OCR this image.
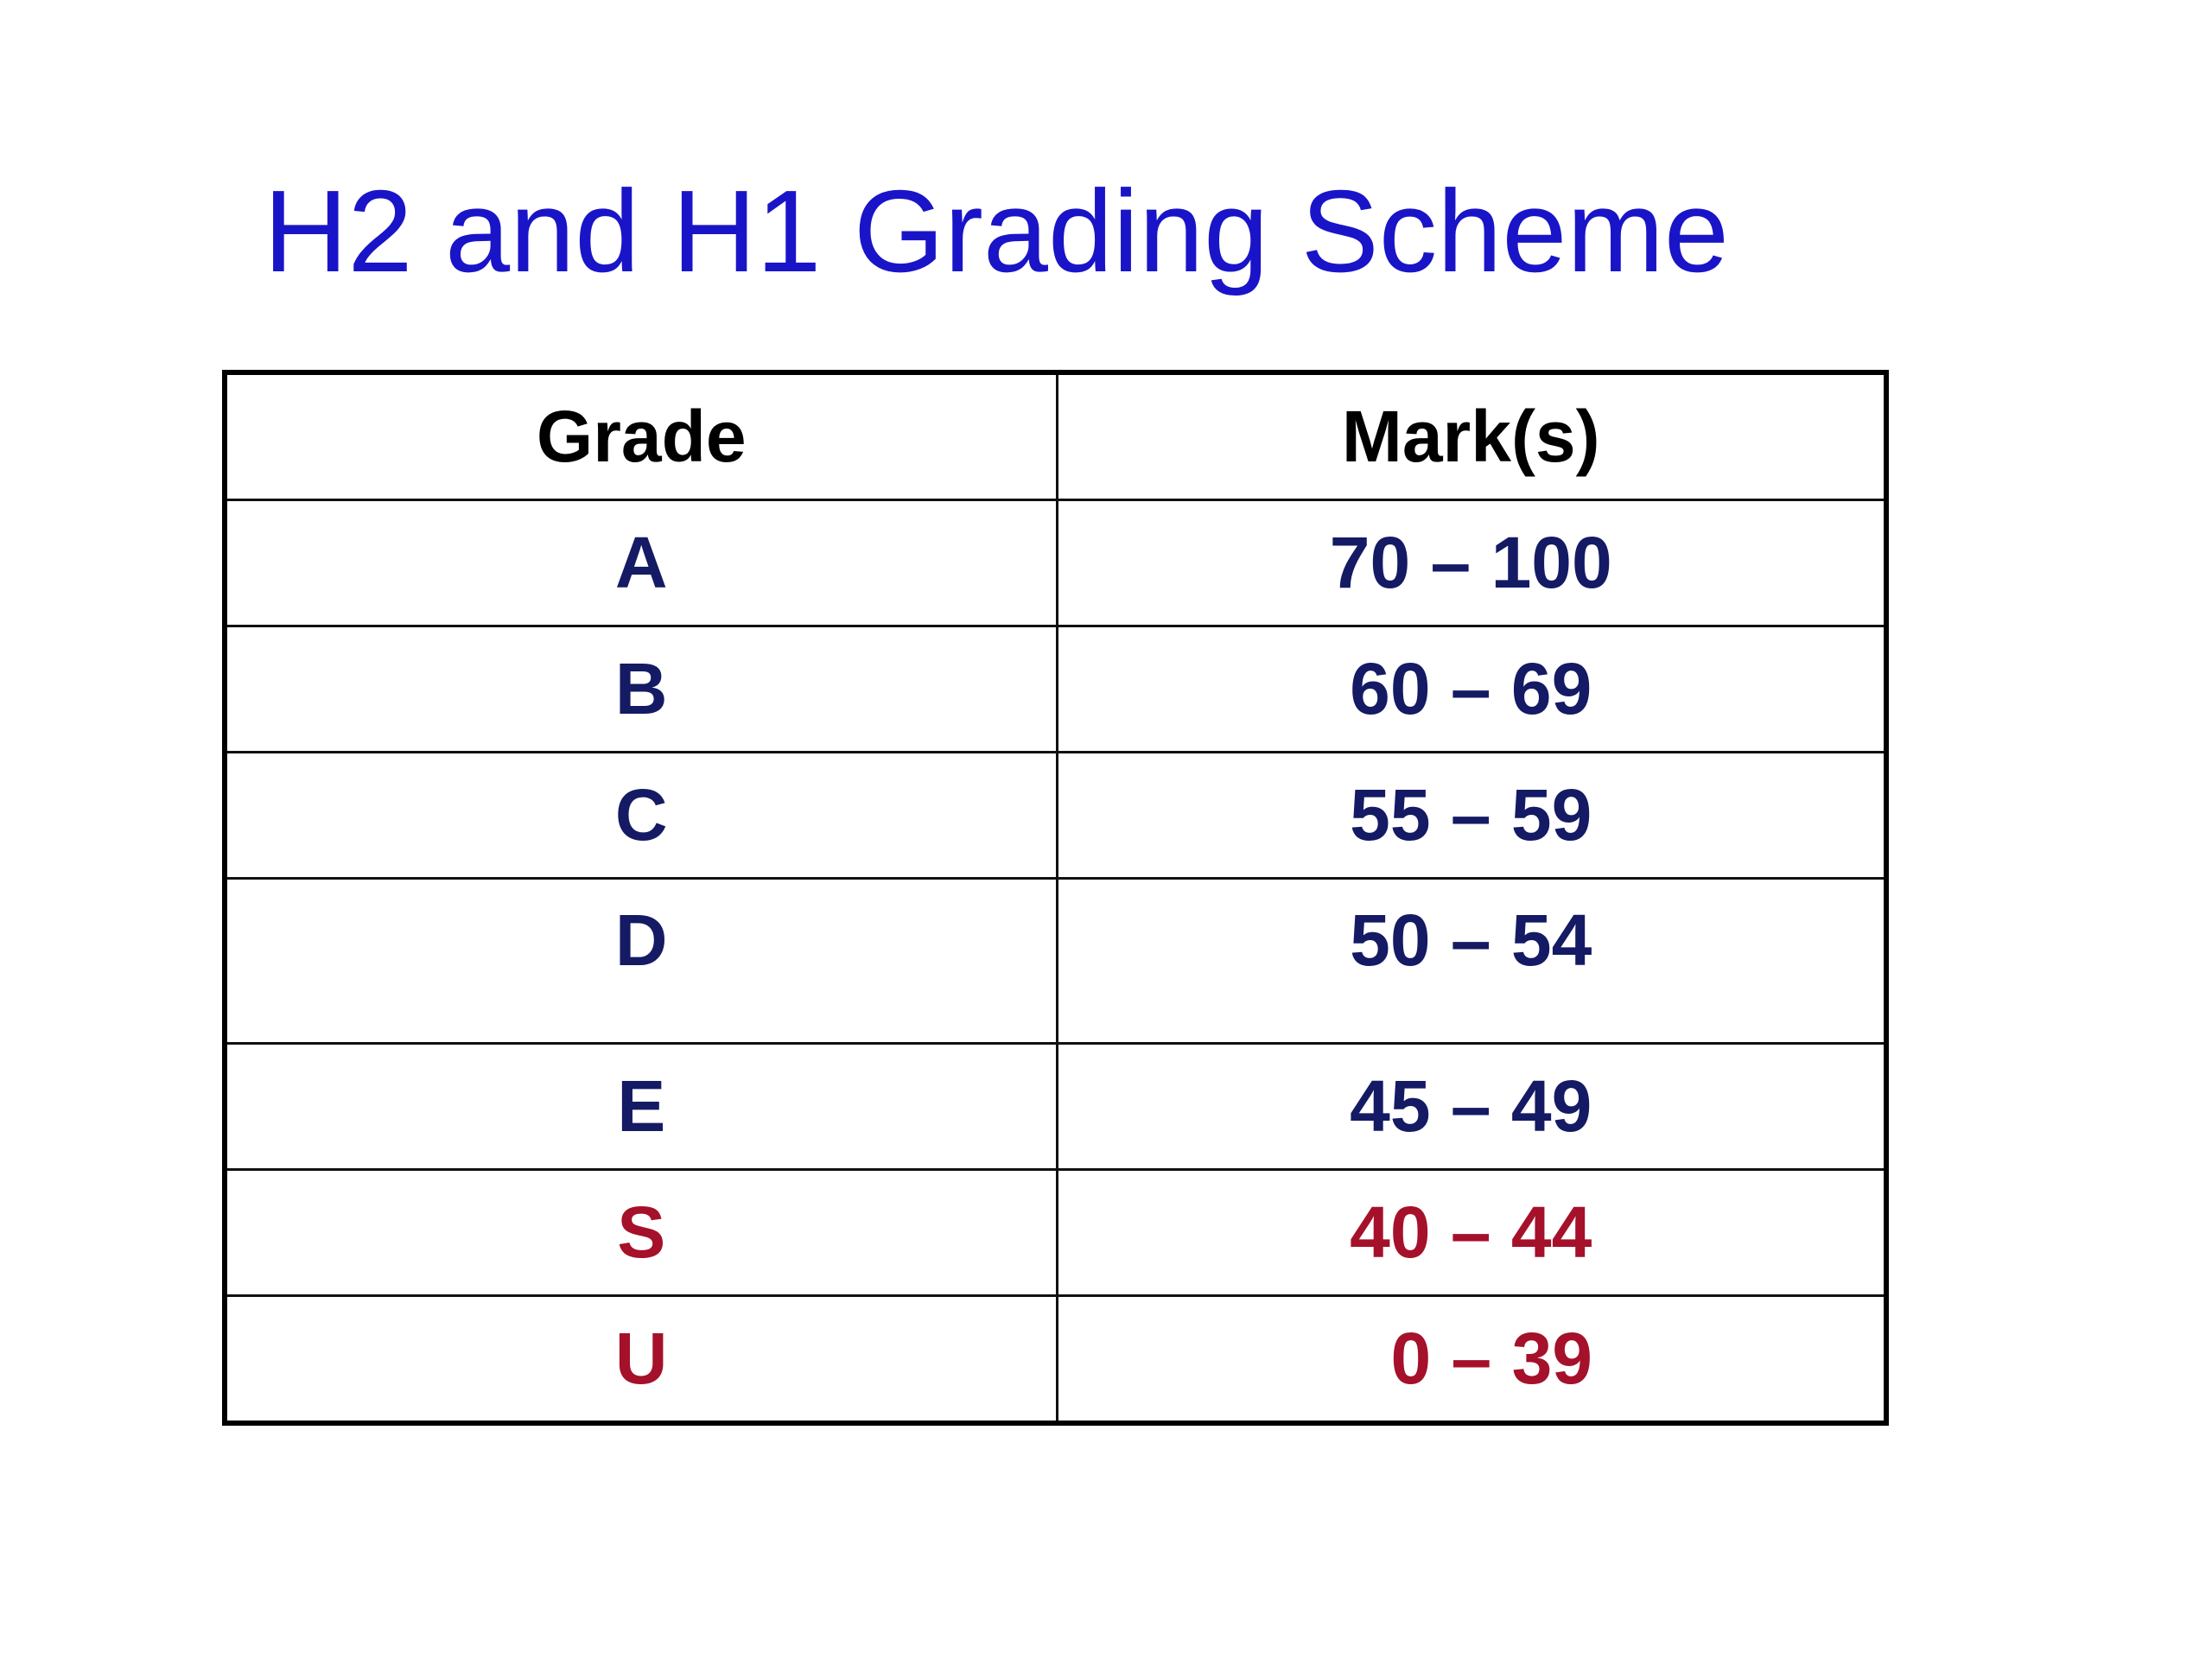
H2 and H1 Grading Scheme
Grade	Mark(s)
A	70 – 100
B	60 – 69
C	55 – 59
D	50 – 54
E	45 – 49
S	40 – 44
U	0 – 39
